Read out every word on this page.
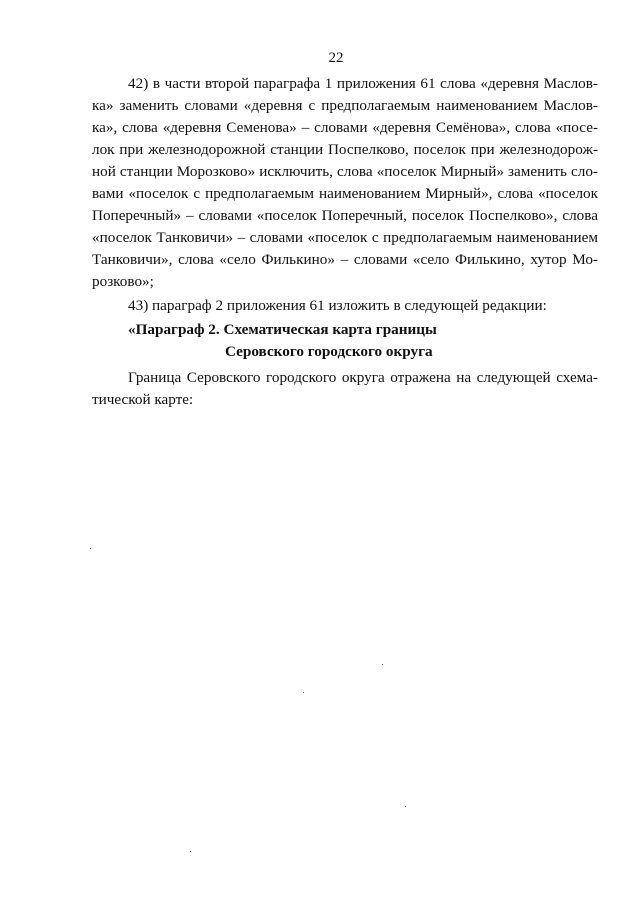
22
42) в части второй параграфа 1 приложения 61 слова «деревня Маслов-
ка» заменить словами «деревня с предполагаемым наименованием Маслов-
ка», слова «деревня Семенова» – словами «деревня Семёнова», слова «посе-
лок при железнодорожной станции Поспелково, поселок при железнодорож-
ной станции Морозково» исключить, слова «поселок Мирный» заменить сло-
вами «поселок с предполагаемым наименованием Мирный», слова «поселок
Поперечный» – словами «поселок Поперечный, поселок Поспелково», слова
«поселок Танковичи» – словами «поселок с предполагаемым наименованием
Танковичи», слова «село Филькино» – словами «село Филькино, хутор Мо-
розково»;
43) параграф 2 приложения 61 изложить в следующей редакции:
«Параграф 2. Схематическая карта границы
Серовского городского округа
Граница Серовского городского округа отражена на следующей схема-
тической карте:
